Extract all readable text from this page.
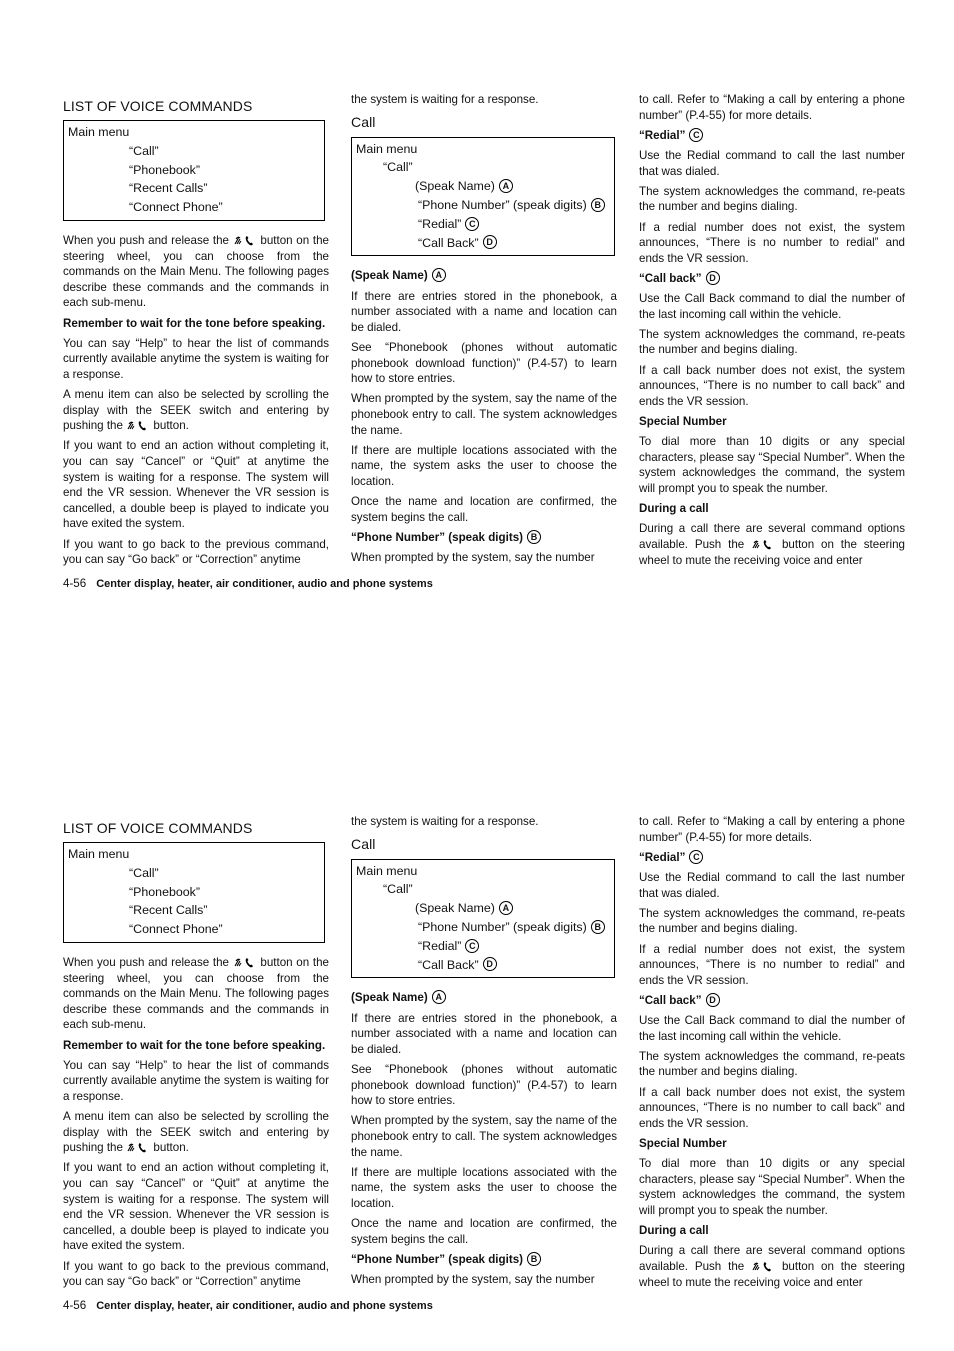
LIST OF VOICE COMMANDS
Main menu
“Call”
“Phonebook”
“Recent Calls”
“Connect Phone”

When you push and release the	button on the steering wheel, you can choose from the commands on the Main Menu. The following pages describe these commands and the commands in each sub-menu.

Remember to wait for the tone before speaking.

You can say “Help” to hear the list of commands currently available anytime the system is waiting for a response.

A menu item can also be selected by scrolling the display with the SEEK switch and entering by pushing the	button.

If you want to end an action without completing it, you can say “Cancel” or “Quit” at anytime the system is waiting for a response. The system will end the VR session. Whenever the VR session is cancelled, a double beep is played to indicate you have exited the system.

If you want to go back to the previous command, you can say “Go back” or “Correction” anytime

the system is waiting for a response.

Call
Main menu
“Call”
(Speak Name) A
“Phone Number” (speak digits) B
“Redial” C
“Call Back” D

(Speak Name) A

If there are entries stored in the phonebook, a number associated with a name and location can be dialed.

See “Phonebook (phones without automatic phonebook download function)” (P.4-57) to learn how to store entries.

When prompted by the system, say the name of the phonebook entry to call. The system acknowledges the name.

If there are multiple locations associated with the name, the system asks the user to choose the location.

Once the name and location are confirmed, the system begins the call.

“Phone Number” (speak digits) B

When prompted by the system, say the number

to call. Refer to “Making a call by entering a phone number” (P.4-55) for more details.

“Redial” C

Use the Redial command to call the last number that was dialed.

The system acknowledges the command, re-peats the number and begins dialing.

If a redial number does not exist, the system announces, “There is no number to redial” and ends the VR session.

“Call back” D

Use the Call Back command to dial the number of the last incoming call within the vehicle.

The system acknowledges the command, re-peats the number and begins dialing.

If a call back number does not exist, the system announces, “There is no number to call back” and ends the VR session.

Special Number

To dial more than 10 digits or any special characters, please say “Special Number”. When the system acknowledges the command, the system will prompt you to speak the number.

During a call

During a call there are several command options available. Push the	button on the steering wheel to mute the receiving voice and enter

4-56 Center display, heater, air conditioner, audio and phone systems
LIST OF VOICE COMMANDS
Main menu
“Call”
“Phonebook”
“Recent Calls”
“Connect Phone”

When you push and release the	button on the steering wheel, you can choose from the commands on the Main Menu. The following pages describe these commands and the commands in each sub-menu.

Remember to wait for the tone before speaking.

You can say “Help” to hear the list of commands currently available anytime the system is waiting for a response.

A menu item can also be selected by scrolling the display with the SEEK switch and entering by pushing the	button.

If you want to end an action without completing it, you can say “Cancel” or “Quit” at anytime the system is waiting for a response. The system will end the VR session. Whenever the VR session is cancelled, a double beep is played to indicate you have exited the system.

If you want to go back to the previous command, you can say “Go back” or “Correction” anytime

the system is waiting for a response.

Call
Main menu
“Call”
(Speak Name) A
“Phone Number” (speak digits) B
“Redial” C
“Call Back” D

(Speak Name) A

If there are entries stored in the phonebook, a number associated with a name and location can be dialed.

See “Phonebook (phones without automatic phonebook download function)” (P.4-57) to learn how to store entries.

When prompted by the system, say the name of the phonebook entry to call. The system acknowledges the name.

If there are multiple locations associated with the name, the system asks the user to choose the location.

Once the name and location are confirmed, the system begins the call.

“Phone Number” (speak digits) B

When prompted by the system, say the number

to call. Refer to “Making a call by entering a phone number” (P.4-55) for more details.

“Redial” C

Use the Redial command to call the last number that was dialed.

The system acknowledges the command, re-peats the number and begins dialing.

If a redial number does not exist, the system announces, “There is no number to redial” and ends the VR session.

“Call back” D

Use the Call Back command to dial the number of the last incoming call within the vehicle.

The system acknowledges the command, re-peats the number and begins dialing.

If a call back number does not exist, the system announces, “There is no number to call back” and ends the VR session.

Special Number

To dial more than 10 digits or any special characters, please say “Special Number”. When the system acknowledges the command, the system will prompt you to speak the number.

During a call

During a call there are several command options available. Push the	button on the steering wheel to mute the receiving voice and enter

4-56 Center display, heater, air conditioner, audio and phone systems
